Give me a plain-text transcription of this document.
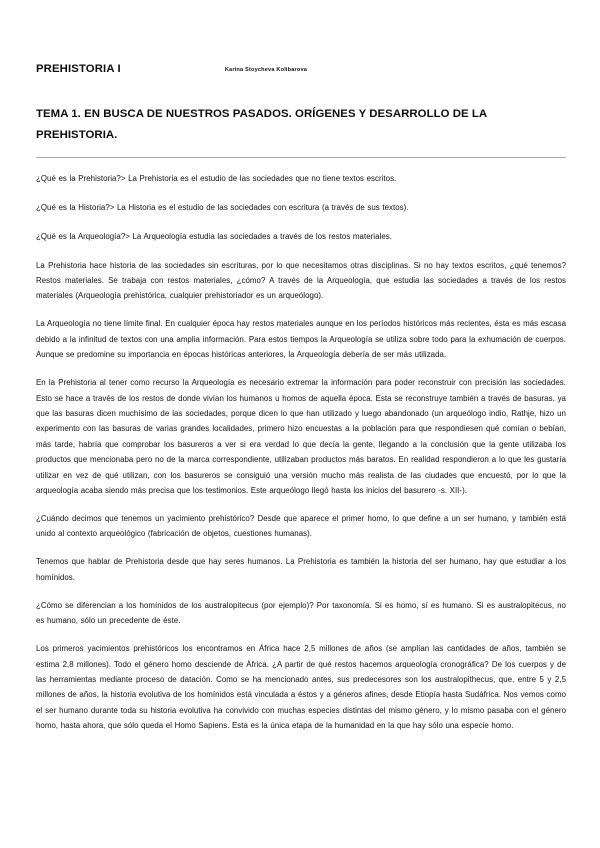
PREHISTORIA I	Karina Stoycheva Kolibarova
TEMA 1. EN BUSCA DE NUESTROS PASADOS. ORÍGENES Y DESARROLLO DE LA PREHISTORIA.

¿Qué es la Prehistoria?> La Prehistoria es el estudio de las sociedades que no tiene textos escritos.

¿Qué es la Historia?> La Historia es el estudio de las sociedades con escritura (a través de sus textos).

¿Qué es la Arqueología?> La Arqueología estudia las sociedades a través de los restos materiales.

La Prehistoria hace historia de las sociedades sin escrituras, por lo que necesitamos otras disciplinas. Si no hay textos escritos, ¿qué tenemos? Restos materiales. Se trabaja con restos materiales, ¿cómo? A través de la Arqueología, que estudia las sociedades a través de los restos materiales (Arqueología prehistórica, cualquier prehistoriador es un arqueólogo).

La Arqueología no tiene límite final. En cualquier época hay restos materiales aunque en los períodos históricos más recientes, ésta es más escasa debido a la infinitud de textos con una amplia información. Para estos tiempos la Arqueología se utiliza sobre todo para la exhumación de cuerpos. Aunque se predomine su importancia en épocas históricas anteriores, la Arqueología debería de ser más utilizada.

En la Prehistoria al tener como recurso la Arqueología es necesario extremar la información para poder reconstruir con precisión las sociedades. Esto se hace a través de los restos de donde vivían los humanos u homos de aquella época. Esta se reconstruye también a través de basuras, ya que las basuras dicen muchísimo de las sociedades, porque dicen lo que han utilizado y luego abandonado (un arqueólogo indio, Rathje, hizo un experimento con las basuras de varias grandes localidades, primero hizo encuestas a la población para que respondiesen qué comían o bebían, más tarde, habría que comprobar los basureros a ver si era verdad lo que decía la gente, llegando a la conclusión que la gente utilizaba los productos que mencionaba pero no de la marca correspondiente, utilizaban productos más baratos. En realidad respondieron a lo que les gustaría utilizar en vez de qué utilizan, con los basureros se consiguió una versión mucho más realista de las ciudades que encuestó, por lo que la arqueología acaba siendo más precisa que los testimonios. Este arqueólogo llegó hasta los inicios del basurero -s. XII-).

¿Cuándo decimos que tenemos un yacimiento prehistórico? Desde que aparece el primer homo, lo que define a un ser humano, y también está unido al contexto arqueológico (fabricación de objetos, cuestiones humanas).

Tenemos que hablar de Prehistoria desde que hay seres humanos. La Prehistoria es también la historia del ser humano, hay que estudiar a los homínidos.

¿Cómo se diferencian a los homínidos de los australopitecus (por ejemplo)? Por taxonomía. Si es homo, sí es humano. Si es australopitecus, no es humano, sólo un precedente de éste.

Los primeros yacimientos prehistóricos los encontramos en África hace 2,5 millones de años (se amplían las cantidades de años, también se estima 2,8 millones). Todo el género homo desciende de África. ¿A partir de qué restos hacemos arqueología cronográfica? De los cuerpos y de las herramientas mediante proceso de datación. Como se ha mencionado antes, sus predecesores son los australopithecus, que, entre 5 y 2,5 millones de años, la historia evolutiva de los homínidos está vinculada a éstos y a géneros afines, desde Etiopía hasta Sudáfrica. Nos vemos como el ser humano durante toda su historia evolutiva ha convivido con muchas especies distintas del mismo género, y lo mismo pasaba con el género homo, hasta ahora, que sólo queda el Homo Sapiens. Esta es la única etapa de la humanidad en la que hay sólo una especie homo.
